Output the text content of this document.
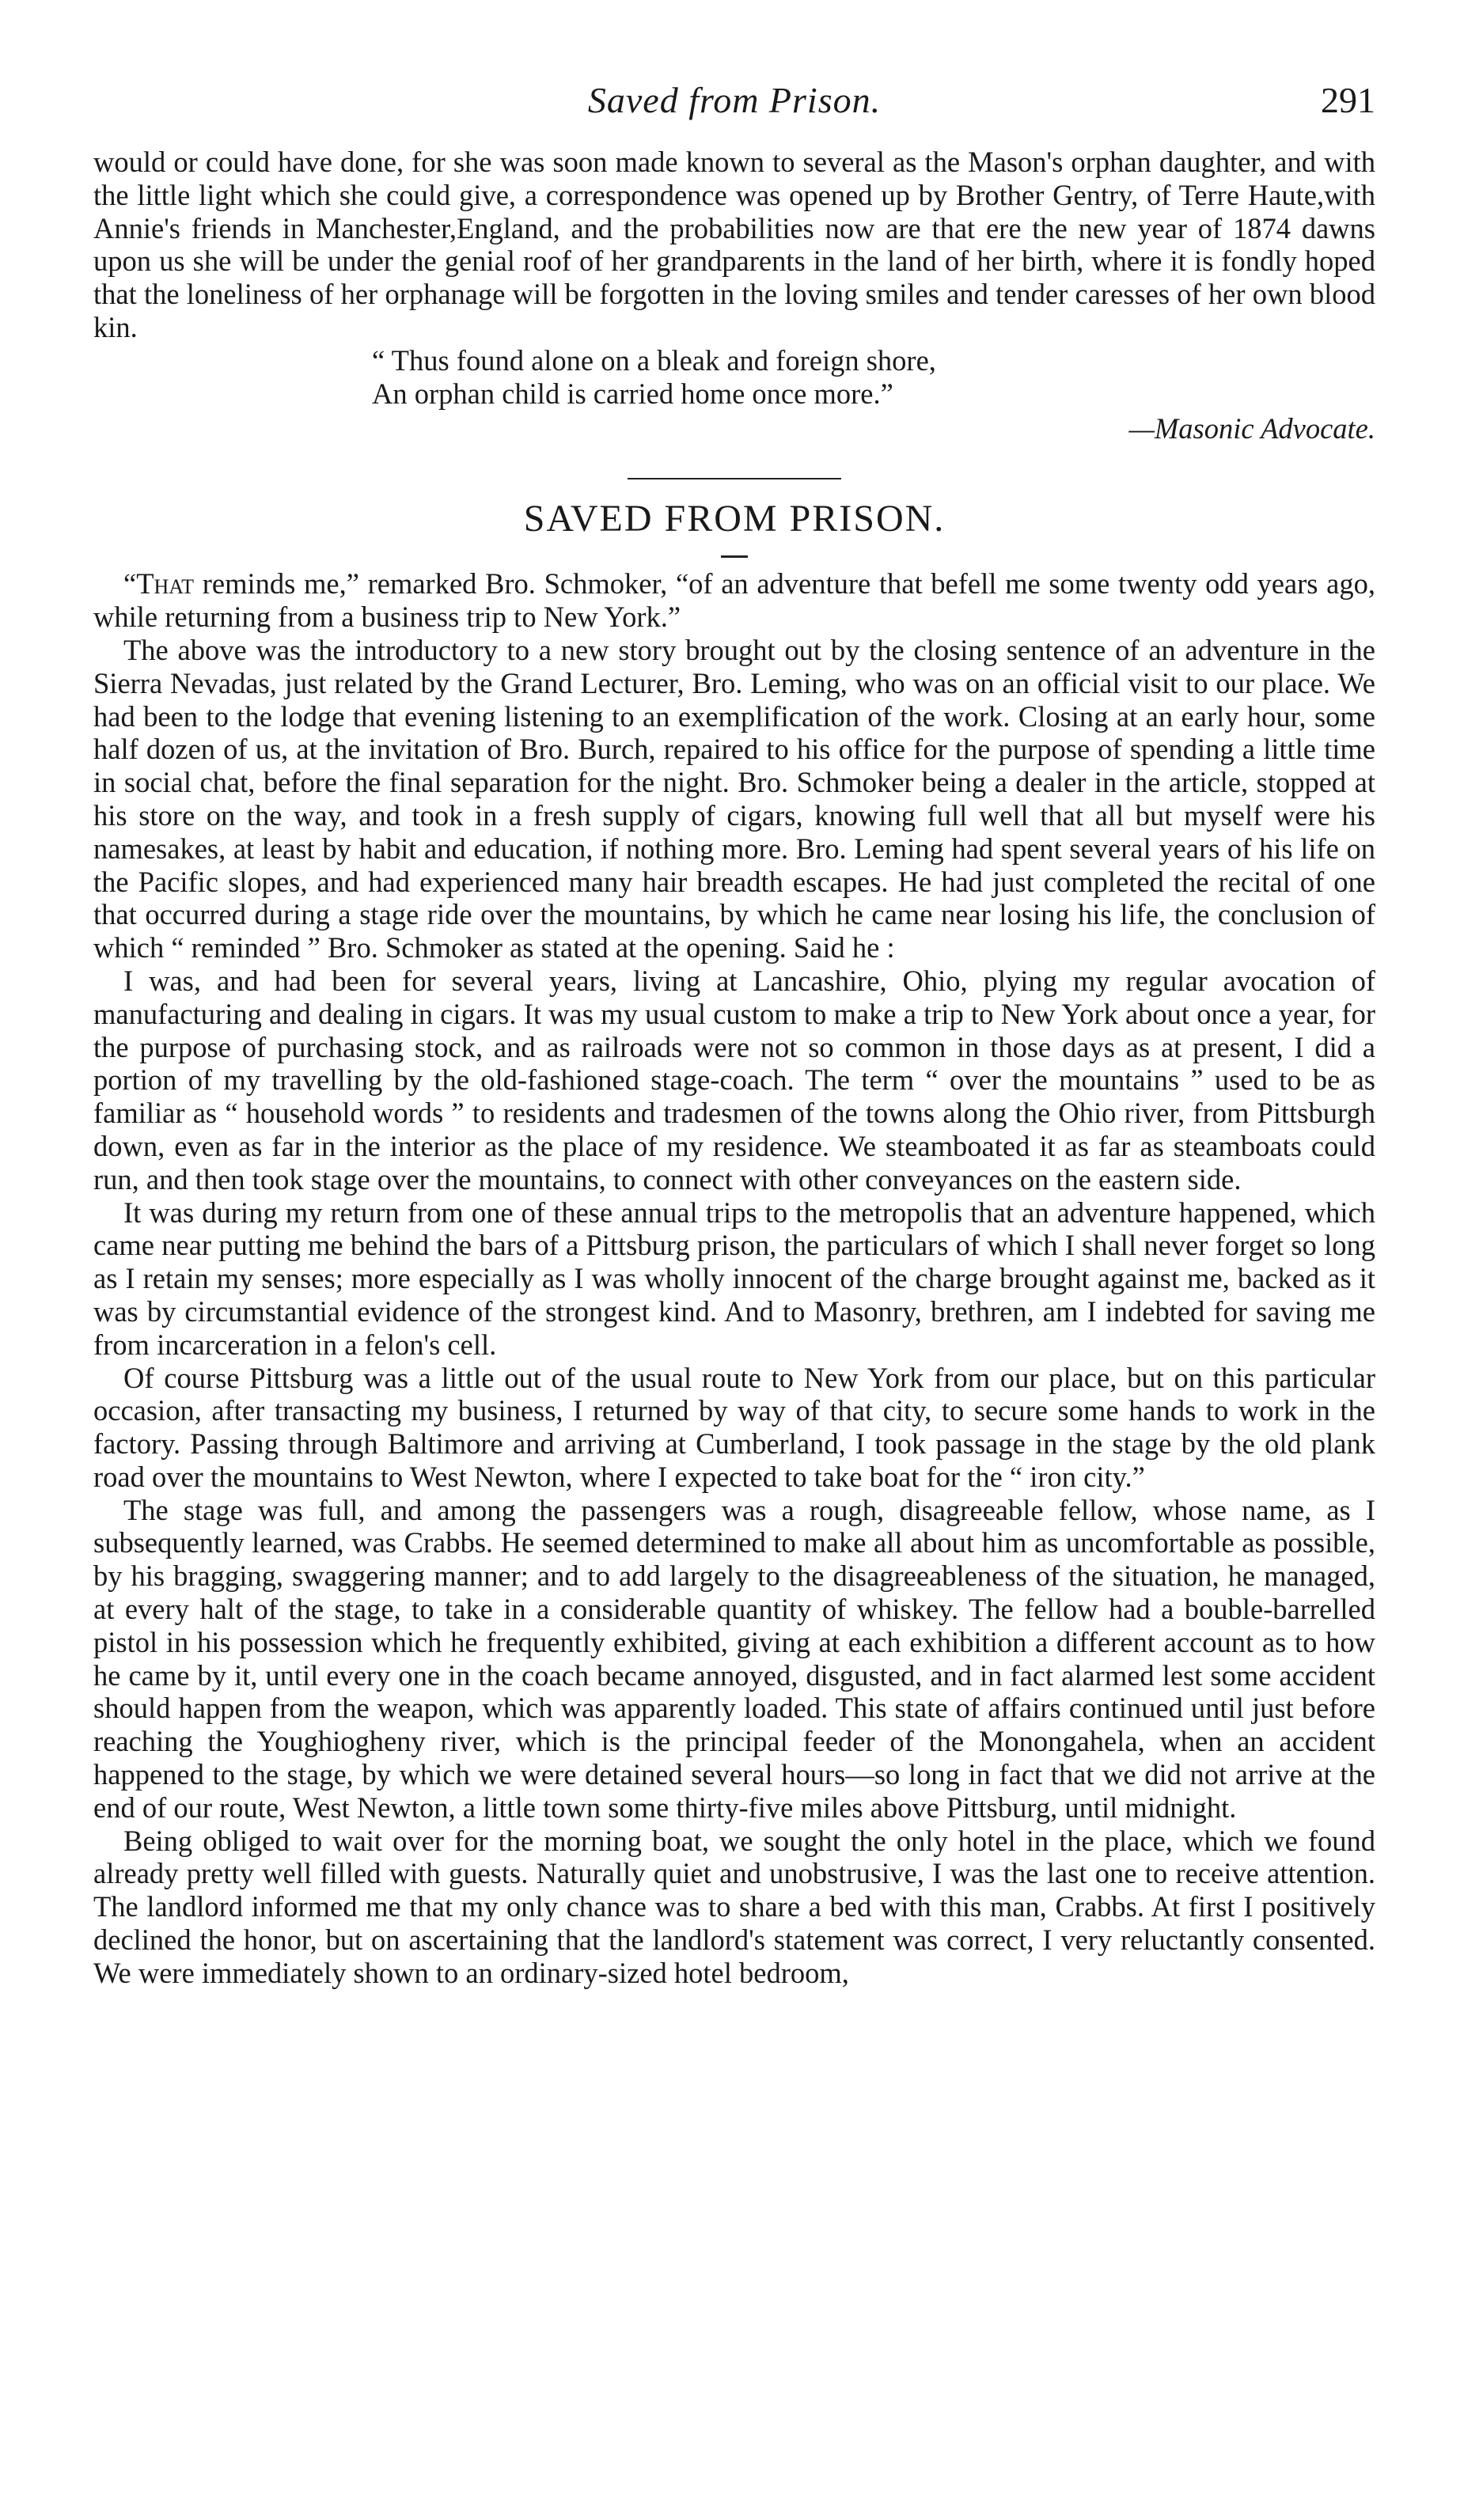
Saved from Prison.	291

would or could have done, for she was soon made known to several as the Mason's orphan daughter, and with the little light which she could give, a correspondence was opened up by Brother Gentry, of Terre Haute,with Annie's friends in Manchester,England, and the probabilities now are that ere the new year of 1874 dawns upon us she will be under the genial roof of her grandparents in the land of her birth, where it is fondly hoped that the loneliness of her orphanage will be forgotten in the loving smiles and tender caresses of her own blood kin.

“ Thus found alone on a bleak and foreign shore,
An orphan child is carried home once more.”
—Masonic Advocate.
SAVED FROM PRISON.

“That reminds me,” remarked Bro. Schmoker, “of an adventure that befell me some twenty odd years ago, while returning from a business trip to New York.”

The above was the introductory to a new story brought out by the closing sentence of an adventure in the Sierra Nevadas, just related by the Grand Lecturer, Bro. Leming, who was on an official visit to our place. We had been to the lodge that evening listening to an exemplification of the work. Closing at an early hour, some half dozen of us, at the invitation of Bro. Burch, repaired to his office for the purpose of spending a little time in social chat, before the final separation for the night. Bro. Schmoker being a dealer in the article, stopped at his store on the way, and took in a fresh supply of cigars, knowing full well that all but myself were his namesakes, at least by habit and education, if nothing more. Bro. Leming had spent several years of his life on the Pacific slopes, and had experienced many hair breadth escapes. He had just completed the recital of one that occurred during a stage ride over the mountains, by which he came near losing his life, the conclusion of which “ reminded ” Bro. Schmoker as stated at the opening. Said he :

I was, and had been for several years, living at Lancashire, Ohio, plying my regular avocation of manufacturing and dealing in cigars. It was my usual custom to make a trip to New York about once a year, for the purpose of purchasing stock, and as railroads were not so common in those days as at present, I did a portion of my travelling by the old-fashioned stage-coach. The term “ over the mountains ” used to be as familiar as “ household words ” to residents and tradesmen of the towns along the Ohio river, from Pittsburgh down, even as far in the interior as the place of my residence. We steamboated it as far as steamboats could run, and then took stage over the mountains, to connect with other conveyances on the eastern side.

It was during my return from one of these annual trips to the metropolis that an adventure happened, which came near putting me behind the bars of a Pittsburg prison, the particulars of which I shall never forget so long as I retain my senses; more especially as I was wholly innocent of the charge brought against me, backed as it was by circumstantial evidence of the strongest kind. And to Masonry, brethren, am I indebted for saving me from incarceration in a felon's cell.

Of course Pittsburg was a little out of the usual route to New York from our place, but on this particular occasion, after transacting my business, I returned by way of that city, to secure some hands to work in the factory. Passing through Baltimore and arriving at Cumberland, I took passage in the stage by the old plank road over the mountains to West Newton, where I expected to take boat for the “ iron city.”

The stage was full, and among the passengers was a rough, disagreeable fellow, whose name, as I subsequently learned, was Crabbs. He seemed determined to make all about him as uncomfortable as possible, by his bragging, swaggering manner; and to add largely to the disagreeableness of the situation, he managed, at every halt of the stage, to take in a considerable quantity of whiskey. The fellow had a bouble-barrelled pistol in his possession which he frequently exhibited, giving at each exhibition a different account as to how he came by it, until every one in the coach became annoyed, disgusted, and in fact alarmed lest some accident should happen from the weapon, which was apparently loaded. This state of affairs continued until just before reaching the Youghiogheny river, which is the principal feeder of the Monongahela, when an accident happened to the stage, by which we were detained several hours—so long in fact that we did not arrive at the end of our route, West Newton, a little town some thirty-five miles above Pittsburg, until midnight.

Being obliged to wait over for the morning boat, we sought the only hotel in the place, which we found already pretty well filled with guests. Naturally quiet and unobstrusive, I was the last one to receive attention. The landlord informed me that my only chance was to share a bed with this man, Crabbs. At first I positively declined the honor, but on ascertaining that the landlord's statement was correct, I very reluctantly consented. We were immediately shown to an ordinary-sized hotel bedroom,
